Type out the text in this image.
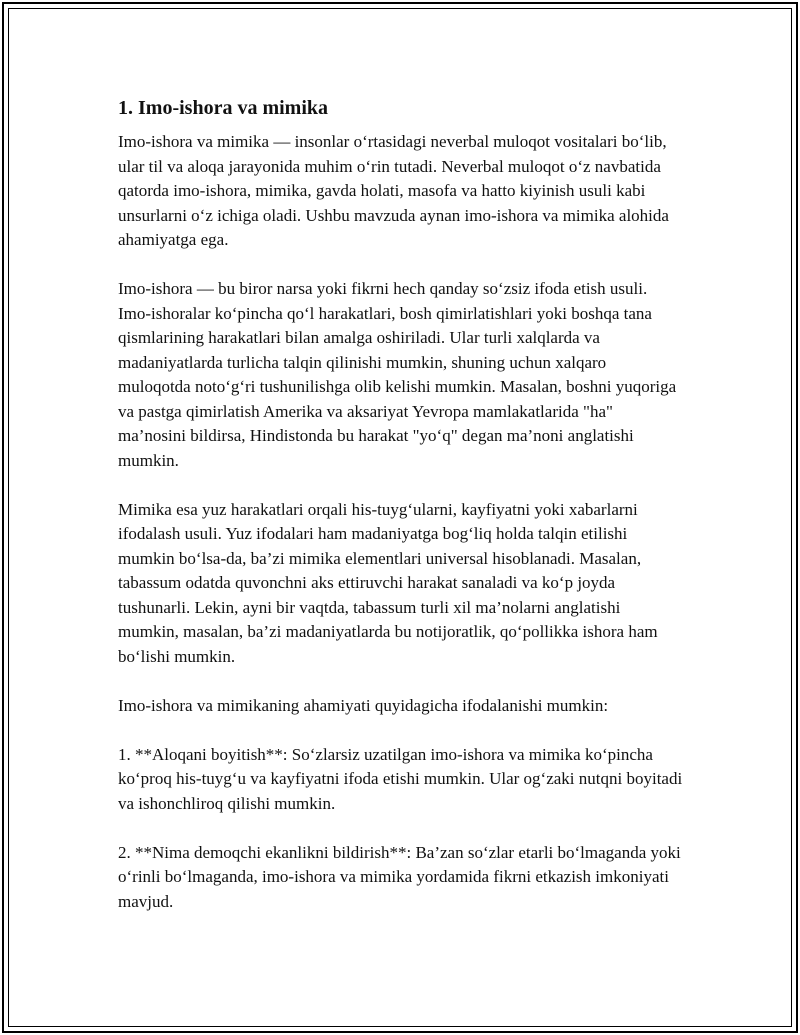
1. Imo-ishora va mimika

Imo-ishora va mimika — insonlar o‘rtasidagi neverbal muloqot vositalari bo‘lib, ular til va aloqa jarayonida muhim o‘rin tutadi. Neverbal muloqot o‘z navbatida qatorda imo-ishora, mimika, gavda holati, masofa va hatto kiyinish usuli kabi unsurlarni o‘z ichiga oladi. Ushbu mavzuda aynan imo-ishora va mimika alohida ahamiyatga ega.

Imo-ishora — bu biror narsa yoki fikrni hech qanday so‘zsiz ifoda etish usuli. Imo-ishoralar ko‘pincha qo‘l harakatlari, bosh qimirlatishlari yoki boshqa tana qismlarining harakatlari bilan amalga oshiriladi. Ular turli xalqlarda va madaniyatlarda turlicha talqin qilinishi mumkin, shuning uchun xalqaro muloqotda noto‘g‘ri tushunilishga olib kelishi mumkin. Masalan, boshni yuqoriga va pastga qimirlatish Amerika va aksariyat Yevropa mamlakatlarida "ha" ma’nosini bildirsa, Hindistonda bu harakat "yo‘q" degan ma’noni anglatishi mumkin.

Mimika esa yuz harakatlari orqali his-tuyg‘ularni, kayfiyatni yoki xabarlarni ifodalash usuli. Yuz ifodalari ham madaniyatga bog‘liq holda talqin etilishi mumkin bo‘lsa-da, ba’zi mimika elementlari universal hisoblanadi. Masalan, tabassum odatda quvonchni aks ettiruvchi harakat sanaladi va ko‘p joyda tushunarli. Lekin, ayni bir vaqtda, tabassum turli xil ma’nolarni anglatishi mumkin, masalan, ba’zi madaniyatlarda bu notijoratlik, qo‘pollikka ishora ham bo‘lishi mumkin.

Imo-ishora va mimikaning ahamiyati quyidagicha ifodalanishi mumkin:

1. **Aloqani boyitish**: So‘zlarsiz uzatilgan imo-ishora va mimika ko‘pincha ko‘proq his-tuyg‘u va kayfiyatni ifoda etishi mumkin. Ular og‘zaki nutqni boyitadi va ishonchliroq qilishi mumkin.

2. **Nima demoqchi ekanlikni bildirish**: Ba’zan so‘zlar etarli bo‘lmaganda yoki o‘rinli bo‘lmaganda, imo-ishora va mimika yordamida fikrni etkazish imkoniyati mavjud.
